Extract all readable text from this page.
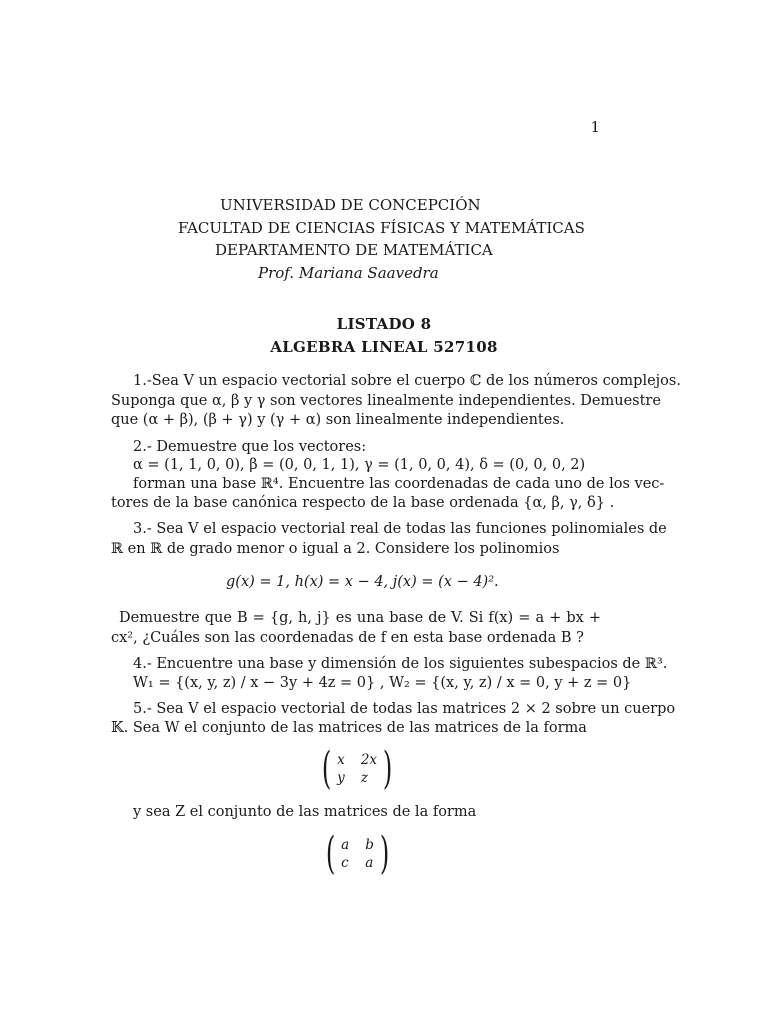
1
UNIVERSIDAD DE CONCEPCIÓN
FACULTAD DE CIENCIAS FÍSICAS Y MATEMÁTICAS
DEPARTAMENTO DE MATEMÁTICA
Prof. Mariana Saavedra
LISTADO 8
ALGEBRA LINEAL 527108
1.-Sea V un espacio vectorial sobre el cuerpo ℂ de los números complejos.
Suponga que α, β y γ son vectores linealmente independientes. Demuestre
que (α + β), (β + γ) y (γ + α) son linealmente independientes.
2.- Demuestre que los vectores:
α = (1, 1, 0, 0), β = (0, 0, 1, 1), γ = (1, 0, 0, 4), δ = (0, 0, 0, 2)
forman una base ℝ⁴. Encuentre las coordenadas de cada uno de los vec-
tores de la base canónica respecto de la base ordenada {α, β, γ, δ} .
3.- Sea V el espacio vectorial real de todas las funciones polinomiales de
ℝ en ℝ de grado menor o igual a 2. Considere los polinomios
g(x) = 1, h(x) = x − 4, j(x) = (x − 4)².
Demuestre que B = {g, h, j} es una base de V. Si f(x) = a + bx +
cx², ¿Cuáles son las coordenadas de f en esta base ordenada B ?
4.- Encuentre una base y dimensión de los siguientes subespacios de ℝ³.
W₁ = {(x, y, z) / x − 3y + 4z = 0} , W₂ = {(x, y, z) / x = 0, y + z = 0}
5.- Sea V el espacio vectorial de todas las matrices 2 × 2 sobre un cuerpo
𝕂. Sea W el conjunto de las matrices de las matrices de la forma
( x 2x
y z )
y sea Z el conjunto de las matrices de la forma
( a b
c a )
